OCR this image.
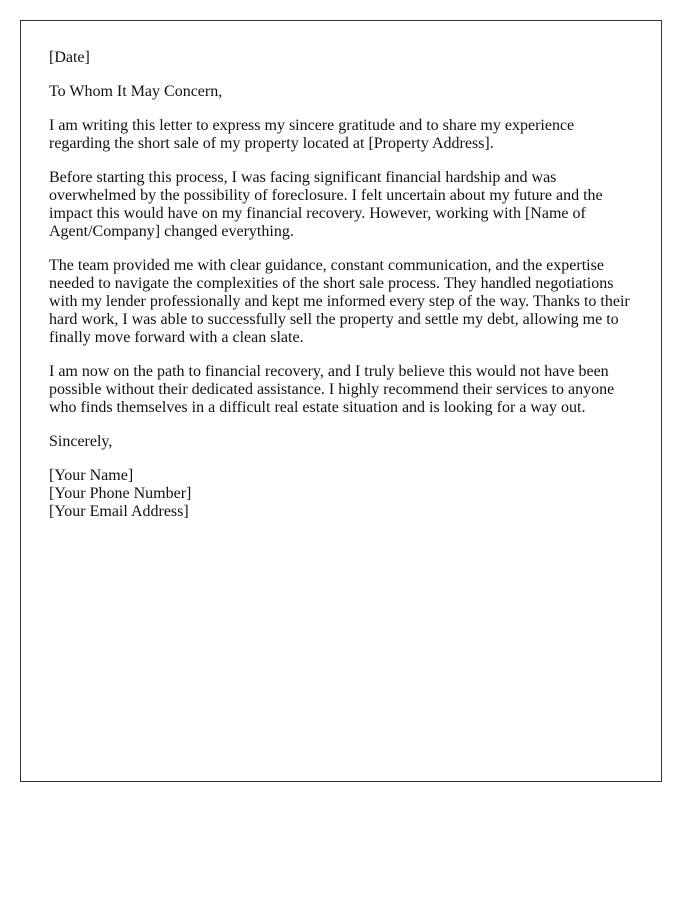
[Date]

To Whom It May Concern,

I am writing this letter to express my sincere gratitude and to share my experience regarding the short sale of my property located at [Property Address].

Before starting this process, I was facing significant financial hardship and was overwhelmed by the possibility of foreclosure. I felt uncertain about my future and the impact this would have on my financial recovery. However, working with [Name of Agent/Company] changed everything.

The team provided me with clear guidance, constant communication, and the expertise needed to navigate the complexities of the short sale process. They handled negotiations with my lender professionally and kept me informed every step of the way. Thanks to their hard work, I was able to successfully sell the property and settle my debt, allowing me to finally move forward with a clean slate.

I am now on the path to financial recovery, and I truly believe this would not have been possible without their dedicated assistance. I highly recommend their services to anyone who finds themselves in a difficult real estate situation and is looking for a way out.

Sincerely,

[Your Name]

[Your Phone Number]

[Your Email Address]
